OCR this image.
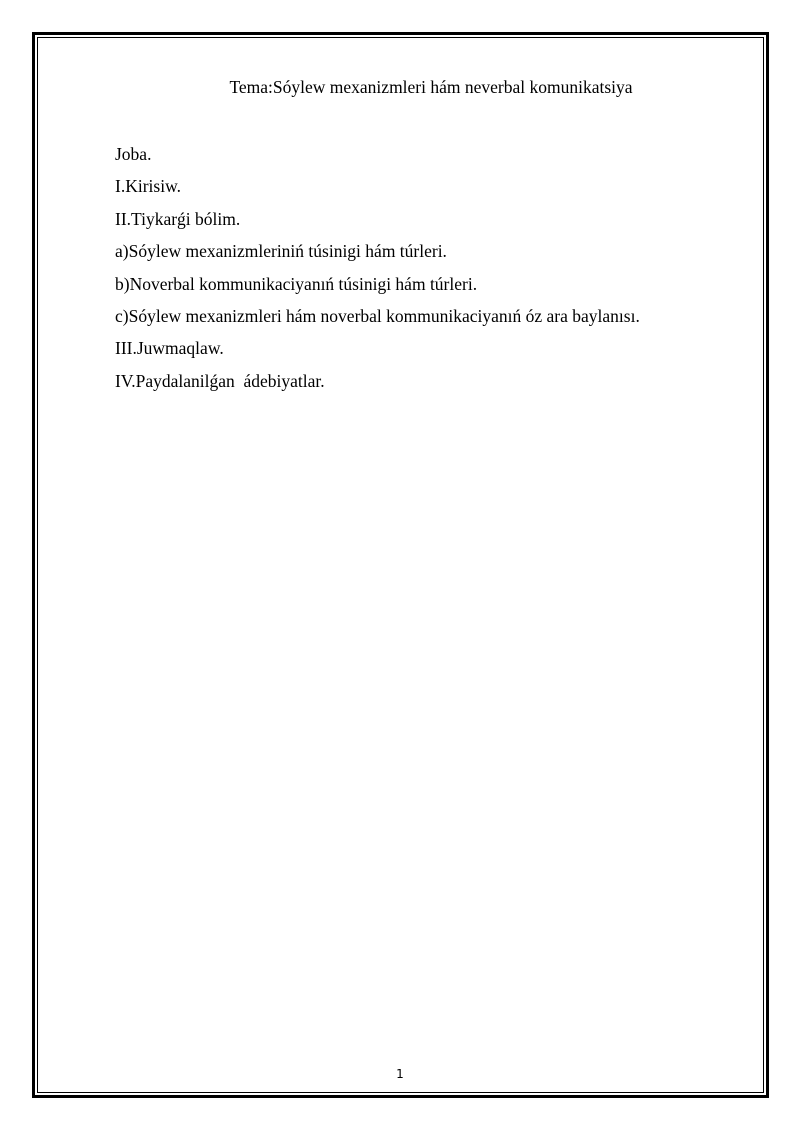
Tema:Sóylew mexanizmleri hám neverbal komunikatsiya
Joba.
I.Kirisiw.
II.Tiykarǵi bólim.
a)Sóylew mexanizmleriniń túsinigi hám túrleri.
b)Noverbal kommunikaciyanıń túsinigi hám túrleri.
c)Sóylew mexanizmleri hám noverbal kommunikaciyanıń óz ara baylanısı.
III.Juwmaqlaw.
IV.Paydalanilǵan  ádebiyatlar.
1
